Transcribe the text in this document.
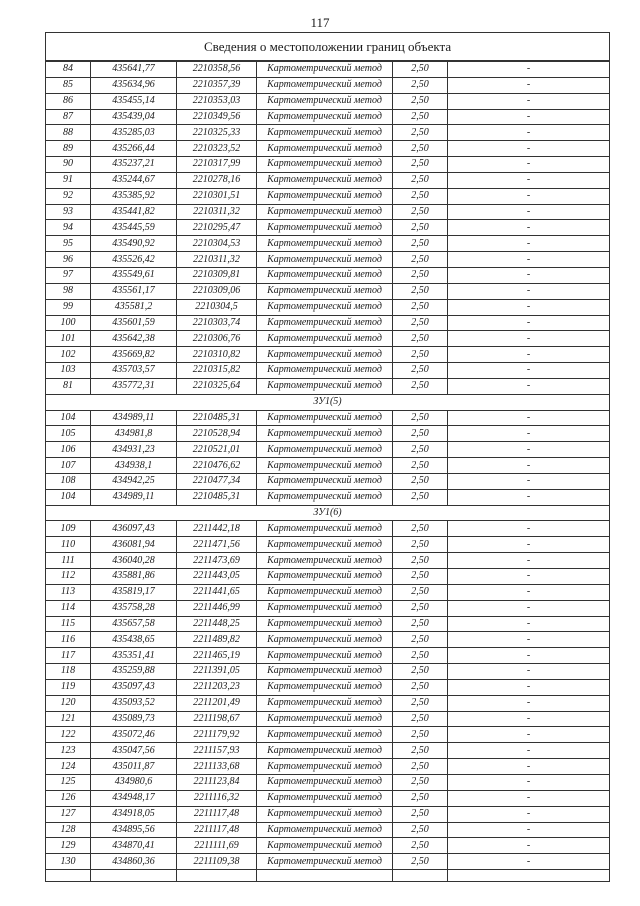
117
Сведения о местоположении границ объекта					
84	435641,77	2210358,56	Картометрический метод	2,50	-
85	435634,96	2210357,39	Картометрический метод	2,50	-
86	435455,14	2210353,03	Картометрический метод	2,50	-
87	435439,04	2210349,56	Картометрический метод	2,50	-
88	435285,03	2210325,33	Картометрический метод	2,50	-
89	435266,44	2210323,52	Картометрический метод	2,50	-
90	435237,21	2210317,99	Картометрический метод	2,50	-
91	435244,67	2210278,16	Картометрический метод	2,50	-
92	435385,92	2210301,51	Картометрический метод	2,50	-
93	435441,82	2210311,32	Картометрический метод	2,50	-
94	435445,59	2210295,47	Картометрический метод	2,50	-
95	435490,92	2210304,53	Картометрический метод	2,50	-
96	435526,42	2210311,32	Картометрический метод	2,50	-
97	435549,61	2210309,81	Картометрический метод	2,50	-
98	435561,17	2210309,06	Картометрический метод	2,50	-
99	435581,2	2210304,5	Картометрический метод	2,50	-
100	435601,59	2210303,74	Картометрический метод	2,50	-
101	435642,38	2210306,76	Картометрический метод	2,50	-
102	435669,82	2210310,82	Картометрический метод	2,50	-
103	435703,57	2210315,82	Картометрический метод	2,50	-
81	435772,31	2210325,64	Картометрический метод	2,50	-
ЗУ1(5)					
104	434989,11	2210485,31	Картометрический метод	2,50	-
105	434981,8	2210528,94	Картометрический метод	2,50	-
106	434931,23	2210521,01	Картометрический метод	2,50	-
107	434938,1	2210476,62	Картометрический метод	2,50	-
108	434942,25	2210477,34	Картометрический метод	2,50	-
104	434989,11	2210485,31	Картометрический метод	2,50	-
ЗУ1(6)					
109	436097,43	2211442,18	Картометрический метод	2,50	-
110	436081,94	2211471,56	Картометрический метод	2,50	-
111	436040,28	2211473,69	Картометрический метод	2,50	-
112	435881,86	2211443,05	Картометрический метод	2,50	-
113	435819,17	2211441,65	Картометрический метод	2,50	-
114	435758,28	2211446,99	Картометрический метод	2,50	-
115	435657,58	2211448,25	Картометрический метод	2,50	-
116	435438,65	2211489,82	Картометрический метод	2,50	-
117	435351,41	2211465,19	Картометрический метод	2,50	-
118	435259,88	2211391,05	Картометрический метод	2,50	-
119	435097,43	2211203,23	Картометрический метод	2,50	-
120	435093,52	2211201,49	Картометрический метод	2,50	-
121	435089,73	2211198,67	Картометрический метод	2,50	-
122	435072,46	2211179,92	Картометрический метод	2,50	-
123	435047,56	2211157,93	Картометрический метод	2,50	-
124	435011,87	2211133,68	Картометрический метод	2,50	-
125	434980,6	2211123,84	Картометрический метод	2,50	-
126	434948,17	2211116,32	Картометрический метод	2,50	-
127	434918,05	2211117,48	Картометрический метод	2,50	-
128	434895,56	2211117,48	Картометрический метод	2,50	-
129	434870,41	2211111,69	Картометрический метод	2,50	-
130	434860,36	2211109,38	Картометрический метод	2,50	-
